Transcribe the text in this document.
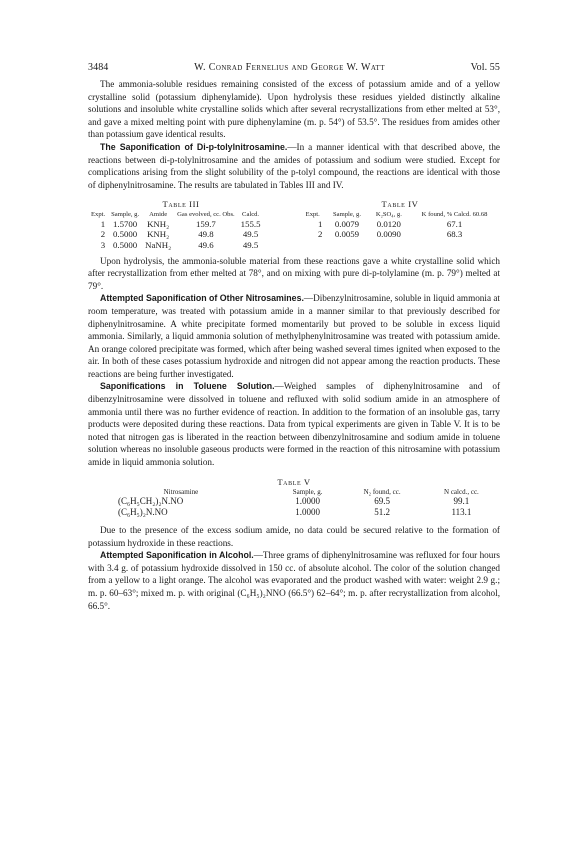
3484	W. Conrad Fernelius and George W. Watt	Vol. 55

The ammonia-soluble residues remaining consisted of the excess of potassium amide and of a yellow crystalline solid (potassium diphenylamide). Upon hydrolysis these residues yielded distinctly alkaline solutions and insoluble white crystalline solids which after several recrystallizations from ether melted at 53°, and gave a mixed melting point with pure diphenylamine (m. p. 54°) of 53.5°. The residues from amides other than potassium gave identical results.

The Saponification of Di-p-tolylnitrosamine.—In a manner identical with that described above, the reactions between di-p-tolylnitrosamine and the amides of potassium and sodium were studied. Except for complications arising from the slight solubility of the p-tolyl compound, the reactions are identical with those of diphenylnitrosamine. The results are tabulated in Tables III and IV.

Table III
Expt.	Sample, g.	Amide	Gas evolved, cc. Obs.	Calcd.
1	1.5700	KNH₂	159.7	155.5
2	0.5000	KNH₂	49.8	49.5
3	0.5000	NaNH₂	49.6	49.5
Table IV
Expt.	Sample, g.	K₂SO₄, g.	K found, % Calcd. 60.68
1	0.0079	0.0120	67.1
2	0.0059	0.0090	68.3

Upon hydrolysis, the ammonia-soluble material from these reactions gave a white crystalline solid which after recrystallization from ether melted at 78°, and on mixing with pure di-p-tolylamine (m. p. 79°) melted at 79°.

Attempted Saponification of Other Nitrosamines.—Dibenzylnitrosamine, soluble in liquid ammonia at room temperature, was treated with potassium amide in a manner similar to that previously described for diphenylnitrosamine. A white precipitate formed momentarily but proved to be soluble in excess liquid ammonia. Similarly, a liquid ammonia solution of methylphenylnitrosamine was treated with potassium amide. An orange colored precipitate was formed, which after being washed several times ignited when exposed to the air. In both of these cases potassium hydroxide and nitrogen did not appear among the reaction products. These reactions are being further investigated.

Saponifications in Toluene Solution.—Weighed samples of diphenylnitrosamine and of dibenzylnitrosamine were dissolved in toluene and refluxed with solid sodium amide in an atmosphere of ammonia until there was no further evidence of reaction. In addition to the formation of an insoluble gas, tarry products were deposited during these reactions. Data from typical experiments are given in Table V. It is to be noted that nitrogen gas is liberated in the reaction between dibenzylnitrosamine and sodium amide in toluene solution whereas no insoluble gaseous products were formed in the reaction of this nitrosamine with potassium amide in liquid ammonia solution.

Table V
Nitrosamine	Sample, g.	N₂ found, cc.	N calcd., cc.
(C₆H₅CH₂)₂N.NO	1.0000	69.5	99.1
(C₆H₅)₂N.NO	1.0000	51.2	113.1

Due to the presence of the excess sodium amide, no data could be secured relative to the formation of potassium hydroxide in these reactions.

Attempted Saponification in Alcohol.—Three grams of diphenylnitrosamine was refluxed for four hours with 3.4 g. of potassium hydroxide dissolved in 150 cc. of absolute alcohol. The color of the solution changed from a yellow to a light orange. The alcohol was evaporated and the product washed with water: weight 2.9 g.; m. p. 60–63°; mixed m. p. with original (C₆H₅)₂NNO (66.5°) 62–64°; m. p. after recrystallization from alcohol, 66.5°.
